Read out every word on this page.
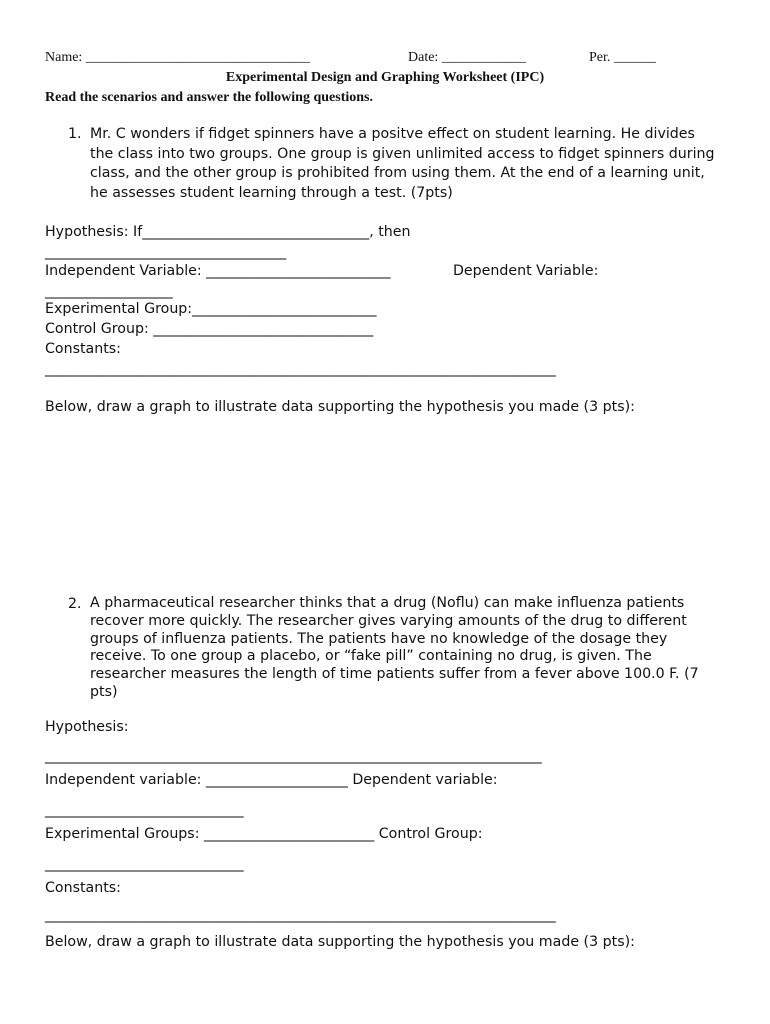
Name: ________________________________	Date: ____________	Per. ______
Experimental Design and Graphing Worksheet (IPC)
Read the scenarios and answer the following questions.
1. Mr. C wonders if fidget spinners have a positve effect on student learning. He divides the class into two groups. One group is given unlimited access to fidget spinners during class, and the other group is prohibited from using them. At the end of a learning unit, he assesses student learning through a test. (7pts)
Hypothesis: If________________________________, then
__________________________________
Independent Variable: __________________________	Dependent Variable:
__________________
Experimental Group:__________________________
Control Group: _______________________________
Constants:
________________________________________________________________________
Below, draw a graph to illustrate data supporting the hypothesis you made (3 pts):
2. A pharmaceutical researcher thinks that a drug (Noflu) can make influenza patients recover more quickly. The researcher gives varying amounts of the drug to different groups of influenza patients. The patients have no knowledge of the dosage they receive. To one group a placebo, or “fake pill” containing no drug, is given. The researcher measures the length of time patients suffer from a fever above 100.0 F. (7 pts)
Hypothesis:
______________________________________________________________________
Independent variable: ____________________ Dependent variable:
____________________________
Experimental Groups: ________________________ Control Group:
____________________________
Constants:
________________________________________________________________________
Below, draw a graph to illustrate data supporting the hypothesis you made (3 pts):
